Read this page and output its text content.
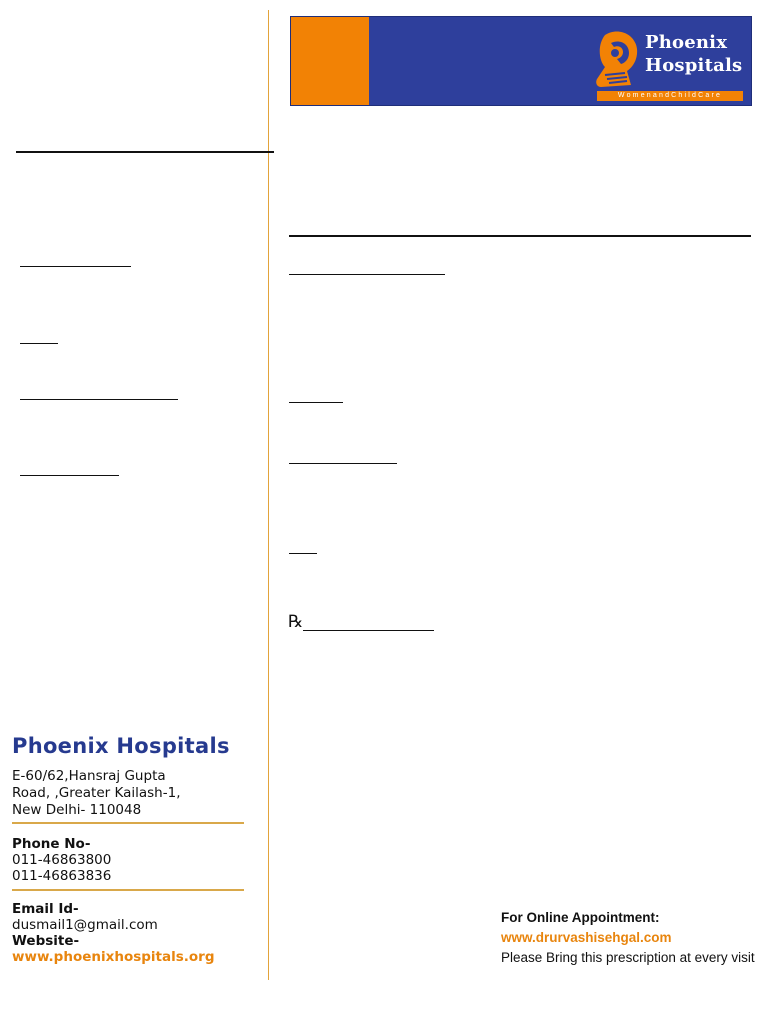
Phoenix
Hospitals
WomenandChildCare
℞
Phoenix Hospitals
E-60/62,Hansraj Gupta
Road, ,Greater Kailash-1,
New Delhi- 110048
Phone No-
011-46863800
011-46863836
Email Id-
dusmail1@gmail.com
Website-
www.phoenixhospitals.org
For Online Appointment:
www.drurvashisehgal.com
Please Bring this prescription at every visit
